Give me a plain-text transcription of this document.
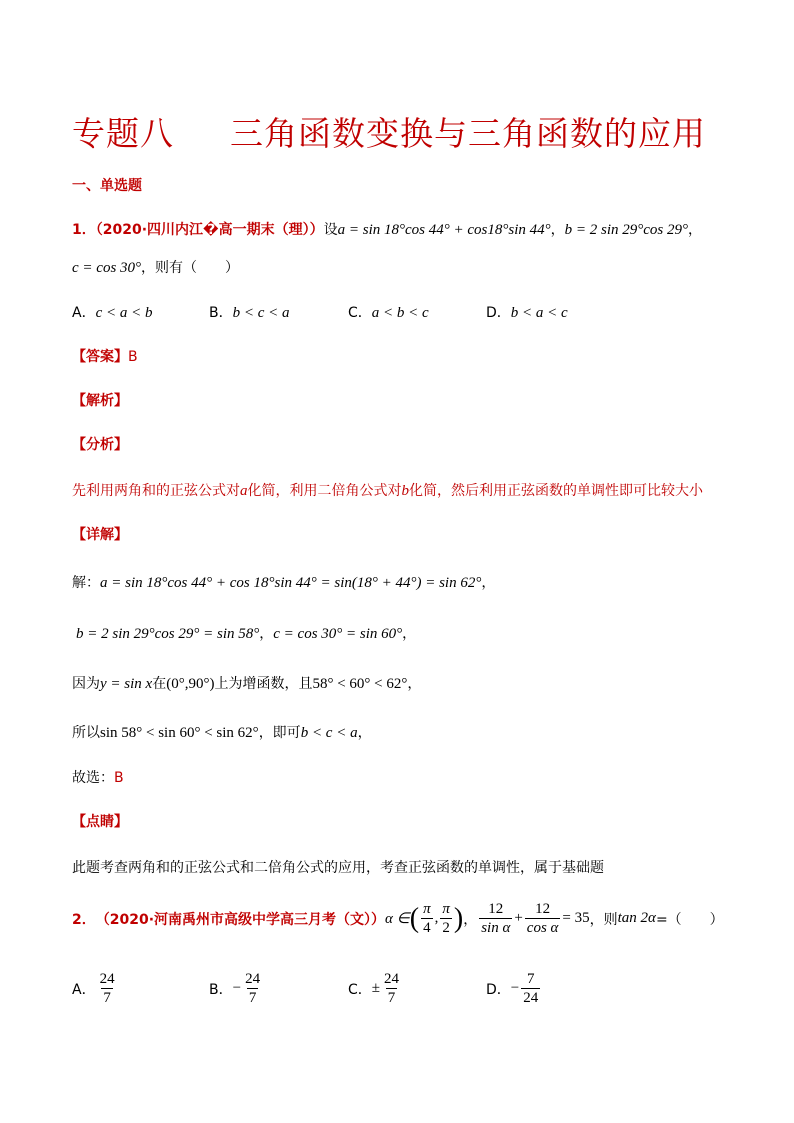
专题八 三角函数变换与三角函数的应用
一、单选题
1．（2020·四川内江�高一期末（理））设a = sin 18°cos 44° + cos18°sin 44°，b = 2 sin 29°cos 29°，
c = cos 30°，则有（　　）
A．c < a < b	B．b < c < a	C．a < b < c	D．b < a < c
【答案】B
【解析】
【分析】
先利用两角和的正弦公式对a化简，利用二倍角公式对b化简，然后利用正弦函数的单调性即可比较大小
【详解】
解：a = sin 18°cos 44° + cos 18°sin 44° = sin(18° + 44°) = sin 62°，
b = 2 sin 29°cos 29° = sin 58°，c = cos 30° = sin 60°，
因为y = sin x在(0°,90°)上为增函数，且58° < 60° < 62°，
所以sin 58° < sin 60° < sin 62°，即可b < c < a，
故选：B
【点睛】
此题考查两角和的正弦公式和二倍角公式的应用，考查正弦函数的单调性，属于基础题
2． （2020·河南禹州市高级中学高三月考（文）） α ∈ ( $\frac{\pi}{4}$ , $\frac{\pi}{2}$ ) ， $\frac{12}{\text{sin α}} + \frac{12}{\text{cos α}} = 35$ ，则 tan 2α =（　　）
A． $\frac{24}{7}$	B． − $\frac{24}{7}$	C． ± $\frac{24}{7}$	D． − $\frac{7}{24}$
